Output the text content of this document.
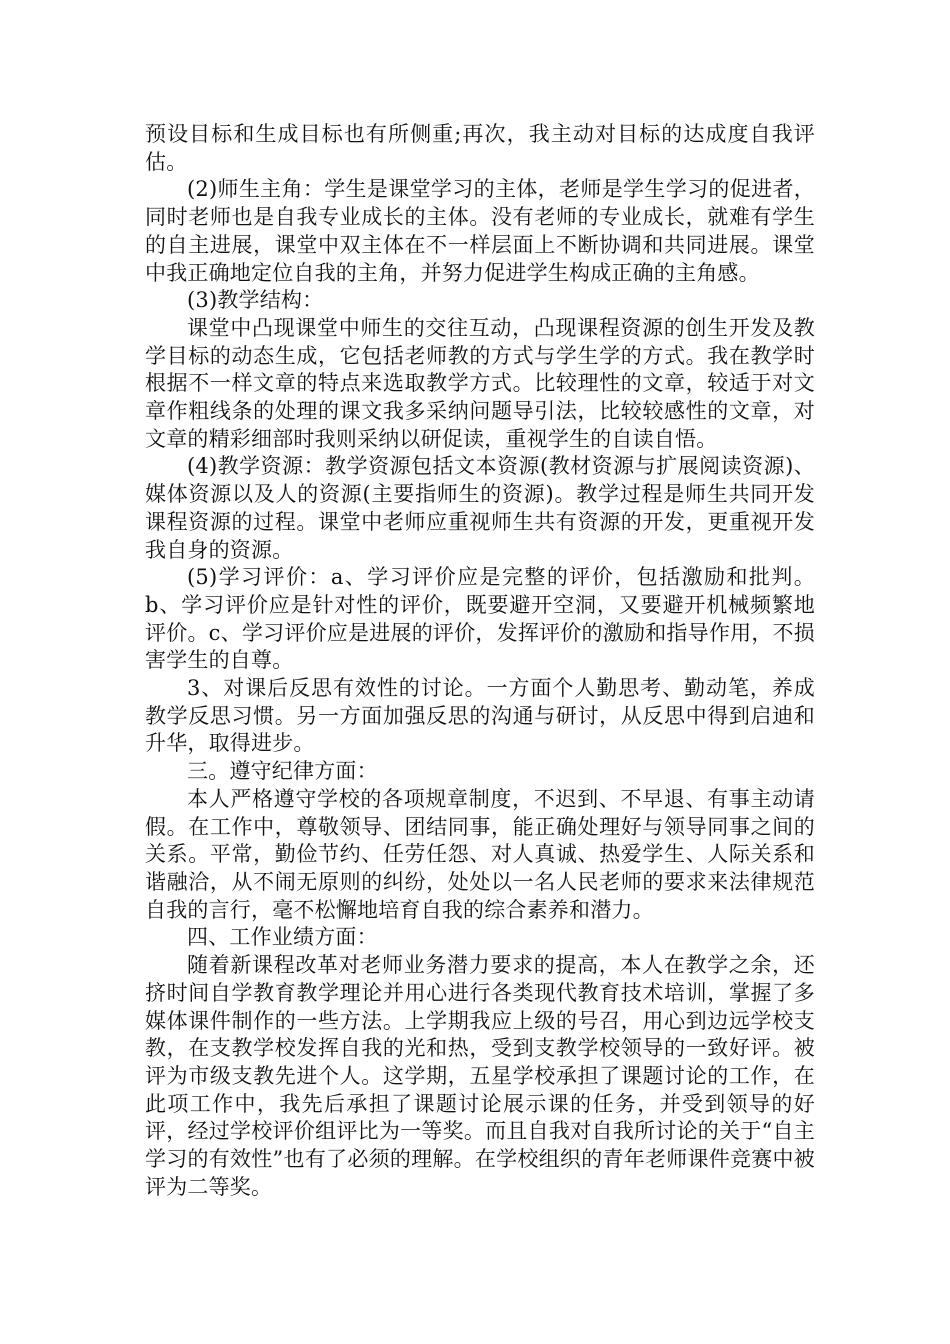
预设目标和生成目标也有所侧重;再次，我主动对目标的达成度自我评估。

(2)师生主角：学生是课堂学习的主体，老师是学生学习的促进者，同时老师也是自我专业成长的主体。没有老师的专业成长，就难有学生的自主进展，课堂中双主体在不一样层面上不断协调和共同进展。课堂中我正确地定位自我的主角，并努力促进学生构成正确的主角感。

(3)教学结构：

课堂中凸现课堂中师生的交往互动，凸现课程资源的创生开发及教学目标的动态生成，它包括老师教的方式与学生学的方式。我在教学时根据不一样文章的特点来选取教学方式。比较理性的文章，较适于对文章作粗线条的处理的课文我多采纳问题导引法，比较较感性的文章，对文章的精彩细部时我则采纳以研促读，重视学生的自读自悟。

(4)教学资源：教学资源包括文本资源(教材资源与扩展阅读资源)、媒体资源以及人的资源(主要指师生的资源)。教学过程是师生共同开发课程资源的过程。课堂中老师应重视师生共有资源的开发，更重视开发我自身的资源。

(5)学习评价：a、学习评价应是完整的评价，包括激励和批判。b、学习评价应是针对性的评价，既要避开空洞，又要避开机械频繁地评价。c、学习评价应是进展的评价，发挥评价的激励和指导作用，不损害学生的自尊。

3、对课后反思有效性的讨论。一方面个人勤思考、勤动笔，养成教学反思习惯。另一方面加强反思的沟通与研讨，从反思中得到启迪和升华，取得进步。

三。遵守纪律方面：

本人严格遵守学校的各项规章制度，不迟到、不早退、有事主动请假。在工作中，尊敬领导、团结同事，能正确处理好与领导同事之间的关系。平常，勤俭节约、任劳任怨、对人真诚、热爱学生、人际关系和谐融洽，从不闹无原则的纠纷，处处以一名人民老师的要求来法律规范自我的言行，毫不松懈地培育自我的综合素养和潜力。

四、工作业绩方面：

随着新课程改革对老师业务潜力要求的提高，本人在教学之余，还挤时间自学教育教学理论并用心进行各类现代教育技术培训，掌握了多媒体课件制作的一些方法。上学期我应上级的号召，用心到边远学校支教，在支教学校发挥自我的光和热，受到支教学校领导的一致好评。被评为市级支教先进个人。这学期，五星学校承担了课题讨论的工作，在此项工作中，我先后承担了课题讨论展示课的任务，并受到领导的好评，经过学校评价组评比为一等奖。而且自我对自我所讨论的关于“自主学习的有效性”也有了必须的理解。在学校组织的青年老师课件竞赛中被评为二等奖。
